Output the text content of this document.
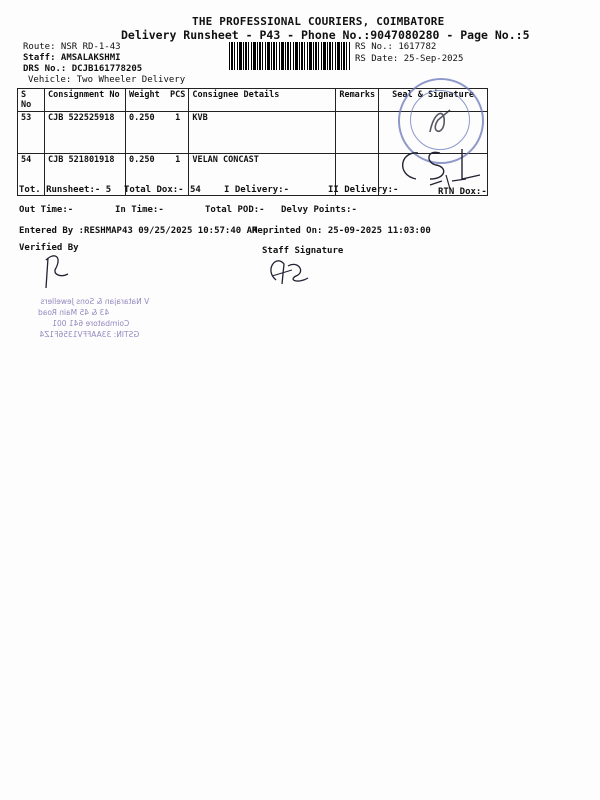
THE PROFESSIONAL COURIERS, COIMBATORE
Delivery Runsheet - P43 - Phone No.:9047080280 - Page No.:5
Route: NSR RD-1-43
Staff: AMSALAKSHMI
DRS No.: DCJB161778205
Vehicle: Two Wheeler Delivery
RS No.: 1617782
RS Date: 25-Sep-2025
S No	Consignment No	Weight PCS	Consignee Details	Remarks	Seal & Signature
53	CJB 522525918	0.250 1	KVB		
54	CJB 521801918	0.250 1	VELAN CONCAST		
Tot. Runsheet:- 5 Total Dox:- 54	I Delivery:-	II Delivery:-	RTN Dox:-
Out Time:-	In Time:-	Total POD:- Delvy Points:-
Entered By :RESHMAP43 09/25/2025 10:57:40 AM
Reprinted On: 25-09-2025 11:03:00
Verified By	Staff Signature
V Natarajan & Sons Jewellers
43 & 45 Main Road
Coimbatore 641 001
GSTIN: 33AAFFV1356F1Z4
